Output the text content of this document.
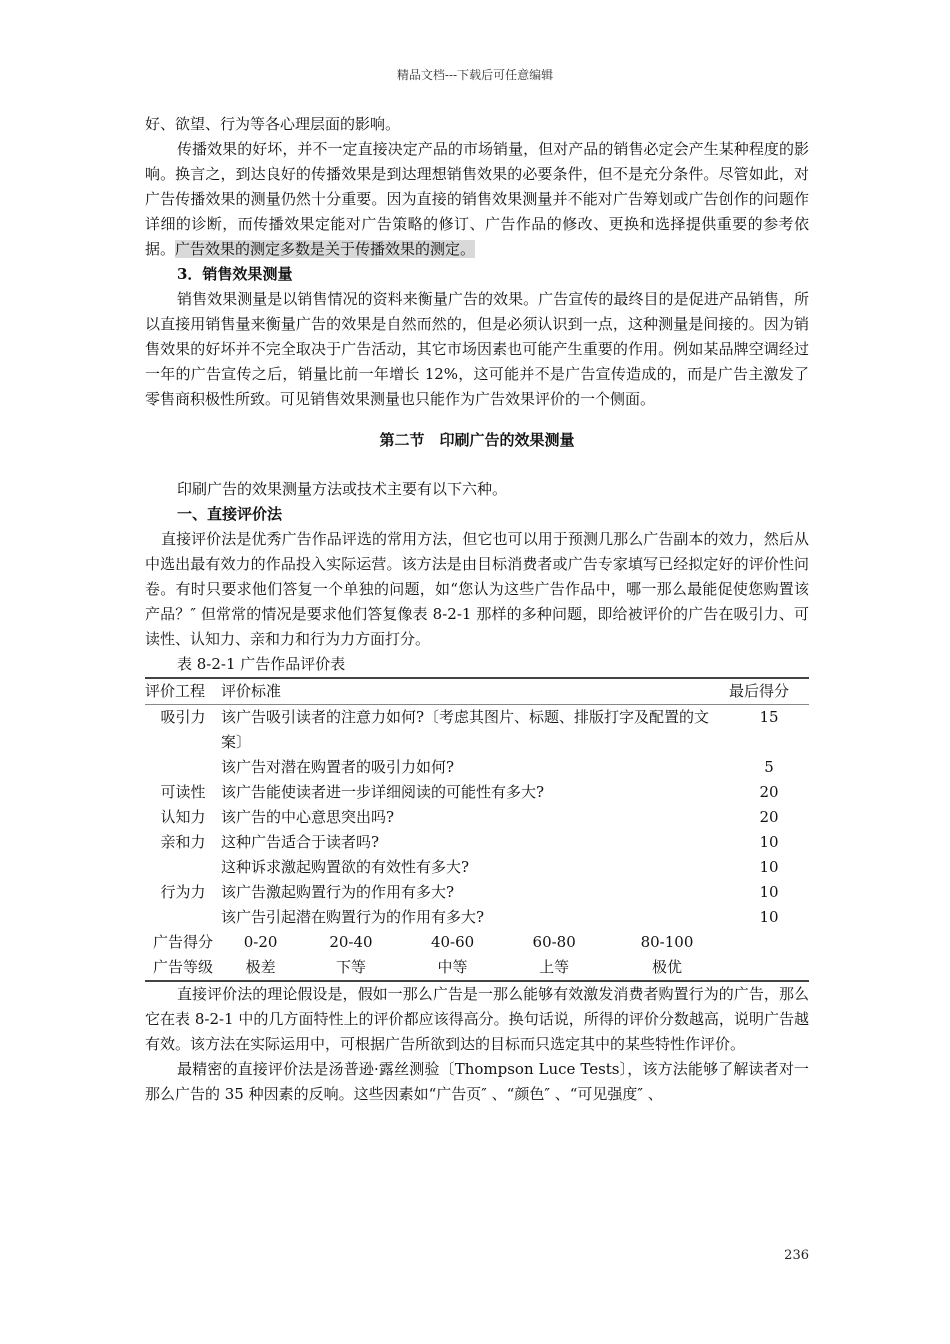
精品文档---下载后可任意编辑

好、欲望、行为等各心理层面的影响。

传播效果的好坏，并不一定直接决定产品的市场销量，但对产品的销售必定会产生某种程度的影响。换言之，到达良好的传播效果是到达理想销售效果的必要条件，但不是充分条件。尽管如此，对广告传播效果的测量仍然十分重要。因为直接的销售效果测量并不能对广告筹划或广告创作的问题作详细的诊断，而传播效果定能对广告策略的修订、广告作品的修改、更换和选择提供重要的参考依据。广告效果的测定多数是关于传播效果的测定。

3．销售效果测量

销售效果测量是以销售情况的资料来衡量广告的效果。广告宣传的最终目的是促进产品销售，所以直接用销售量来衡量广告的效果是自然而然的，但是必须认识到一点，这种测量是间接的。因为销售效果的好坏并不完全取决于广告活动，其它市场因素也可能产生重要的作用。例如某品牌空调经过一年的广告宣传之后，销量比前一年增长 12%，这可能并不是广告宣传造成的，而是广告主激发了零售商积极性所致。可见销售效果测量也只能作为广告效果评价的一个侧面。

第二节　印刷广告的效果测量

印刷广告的效果测量方法或技术主要有以下六种。

一、直接评价法

直接评价法是优秀广告作品评选的常用方法，但它也可以用于预测几那么广告副本的效力，然后从中选出最有效力的作品投入实际运营。该方法是由目标消费者或广告专家填写已经拟定好的评价性问卷。有时只要求他们答复一个单独的问题，如“您认为这些广告作品中，哪一那么最能促使您购置该产品？″ 但常常的情况是要求他们答复像表 8-2-1 那样的多种问题，即给被评价的广告在吸引力、可读性、认知力、亲和力和行为力方面打分。

表 8-2-1 广告作品评价表

评价工程	评价标准					最后得分
吸引力	该广告吸引读者的注意力如何?〔考虑其图片、标题、排版打字及配置的文案〕					15
	该广告对潜在购置者的吸引力如何?					5
可读性	该广告能使读者进一步详细阅读的可能性有多大?					20
认知力	该广告的中心意思突出吗?					20
亲和力	这种广告适合于读者吗?					10
	这种诉求激起购置欲的有效性有多大?					10
行为力	该广告激起购置行为的作用有多大?					10
	该广告引起潜在购置行为的作用有多大?					10
广告得分	0-20	20-40	40-60	60-80	80-100	
广告等级	极差	下等	中等	上等	极优	

直接评价法的理论假设是，假如一那么广告是一那么能够有效激发消费者购置行为的广告，那么它在表 8-2-1 中的几方面特性上的评价都应该得高分。换句话说，所得的评价分数越高，说明广告越有效。该方法在实际运用中，可根据广告所欲到达的目标而只选定其中的某些特性作评价。

最精密的直接评价法是汤普逊·露丝测验〔Thompson Luce Tests〕，该方法能够了解读者对一那么广告的 35 种因素的反响。这些因素如“广告页″ 、“颜色″ 、“可见强度″ 、

236
